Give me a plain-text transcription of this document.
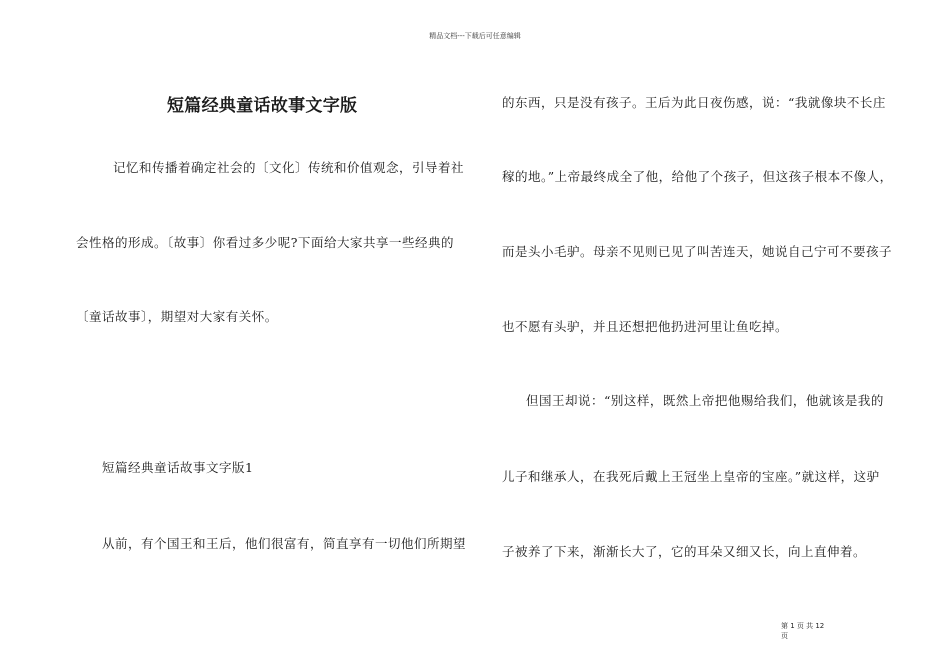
精品文档---下载后可任意编辑
短篇经典童话故事文字版
记忆和传播着确定社会的〔文化〕传统和价值观念，引导着社
会性格的形成。〔故事〕你看过多少呢?下面给大家共享一些经典的
〔童话故事〕，期望对大家有关怀。
短篇经典童话故事文字版1
从前，有个国王和王后，他们很富有，简直享有一切他们所期望
的东西，只是没有孩子。王后为此日夜伤感，说：“我就像块不长庄
稼的地。”上帝最终成全了他，给他了个孩子，但这孩子根本不像人，
而是头小毛驴。母亲不见则已见了叫苦连天，她说自己宁可不要孩子
也不愿有头驴，并且还想把他扔进河里让鱼吃掉。
但国王却说：“别这样，既然上帝把他赐给我们，他就该是我的
儿子和继承人，在我死后戴上王冠坐上皇帝的宝座。”就这样，这驴
子被养了下来，渐渐长大了，它的耳朵又细又长，向上直伸着。
第 1 页 共 12
页
